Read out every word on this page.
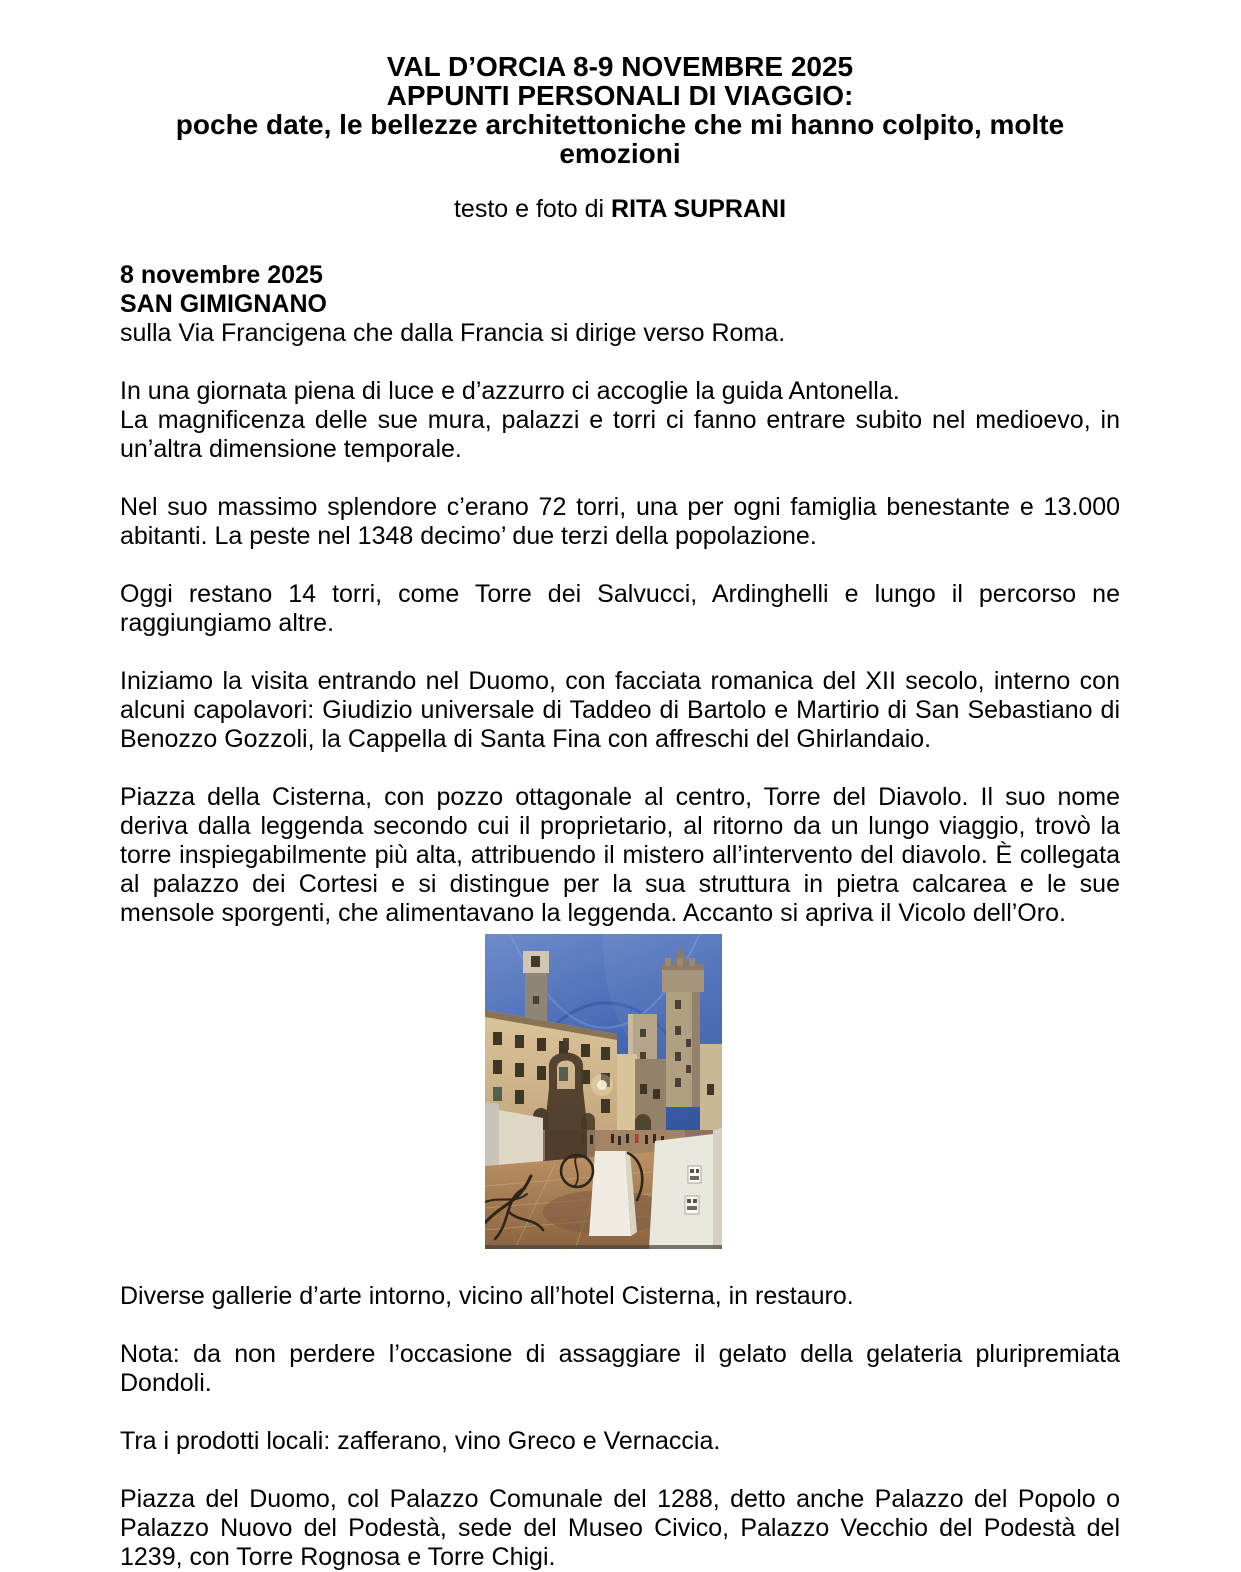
VAL D’ORCIA 8-9 NOVEMBRE 2025
APPUNTI PERSONALI DI VIAGGIO:
poche date, le bellezze architettoniche che mi hanno colpito, molte emozioni
testo e foto di RITA SUPRANI

8 novembre 2025

SAN GIMIGNANO

sulla Via Francigena che dalla Francia si dirige verso Roma.

In una giornata piena di luce e d’azzurro ci accoglie la guida Antonella.

La magnificenza delle sue mura, palazzi e torri ci fanno entrare subito nel medioevo, in un’altra dimensione temporale.

Nel suo massimo splendore c’erano 72 torri, una per ogni famiglia benestante e 13.000 abitanti. La peste nel 1348 decimo’ due terzi della popolazione.

Oggi restano 14 torri, come Torre dei Salvucci, Ardinghelli e lungo il percorso ne raggiungiamo altre.

Iniziamo la visita entrando nel Duomo, con facciata romanica del XII secolo, interno con alcuni capolavori: Giudizio universale di Taddeo di Bartolo e Martirio di San Sebastiano di Benozzo Gozzoli, la Cappella di Santa Fina con affreschi del Ghirlandaio.

Piazza della Cisterna, con pozzo ottagonale al centro, Torre del Diavolo. Il suo nome deriva dalla leggenda secondo cui il proprietario, al ritorno da un lungo viaggio, trovò la torre inspiegabilmente più alta, attribuendo il mistero all’intervento del diavolo. È collegata al palazzo dei Cortesi e si distingue per la sua struttura in pietra calcarea e le sue mensole sporgenti, che alimentavano la leggenda. Accanto si apriva il Vicolo dell’Oro.

Diverse gallerie d’arte intorno, vicino all’hotel Cisterna, in restauro.

Nota: da non perdere l’occasione di assaggiare il gelato della gelateria pluripremiata Dondoli.

Tra i prodotti locali: zafferano, vino Greco e Vernaccia.

Piazza del Duomo, col Palazzo Comunale del 1288, detto anche Palazzo del Popolo o Palazzo Nuovo del Podestà, sede del Museo Civico, Palazzo Vecchio del Podestà del 1239, con Torre Rognosa e Torre Chigi.
